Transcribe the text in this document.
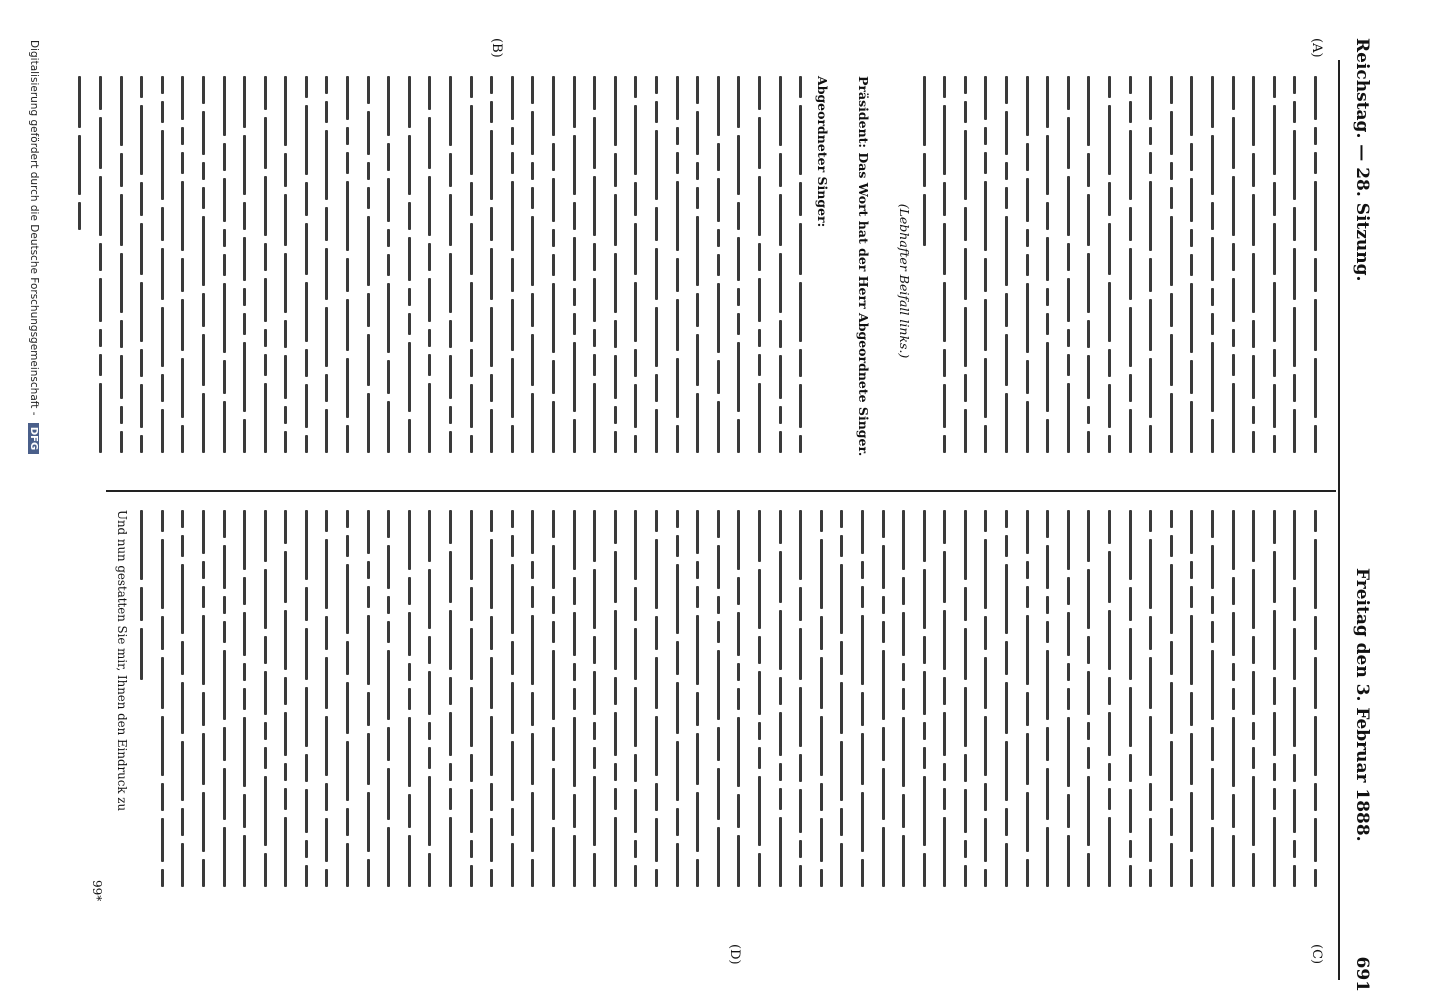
Reichstag. — 28. Sitzung.
Freitag den 3. Februar 1888.
691
(A)
(B)
(C)
(D)
(Lebhafter Beifall links.)
Präsident: Das Wort hat der Herr Abgeordnete Singer.
Abgeordneter Singer:
Und nun gestatten Sie mir, Ihnen den Eindruck zu
99*
Digitalisierung gefördert durch die Deutsche Forschungsgemeinschaft - DFG
